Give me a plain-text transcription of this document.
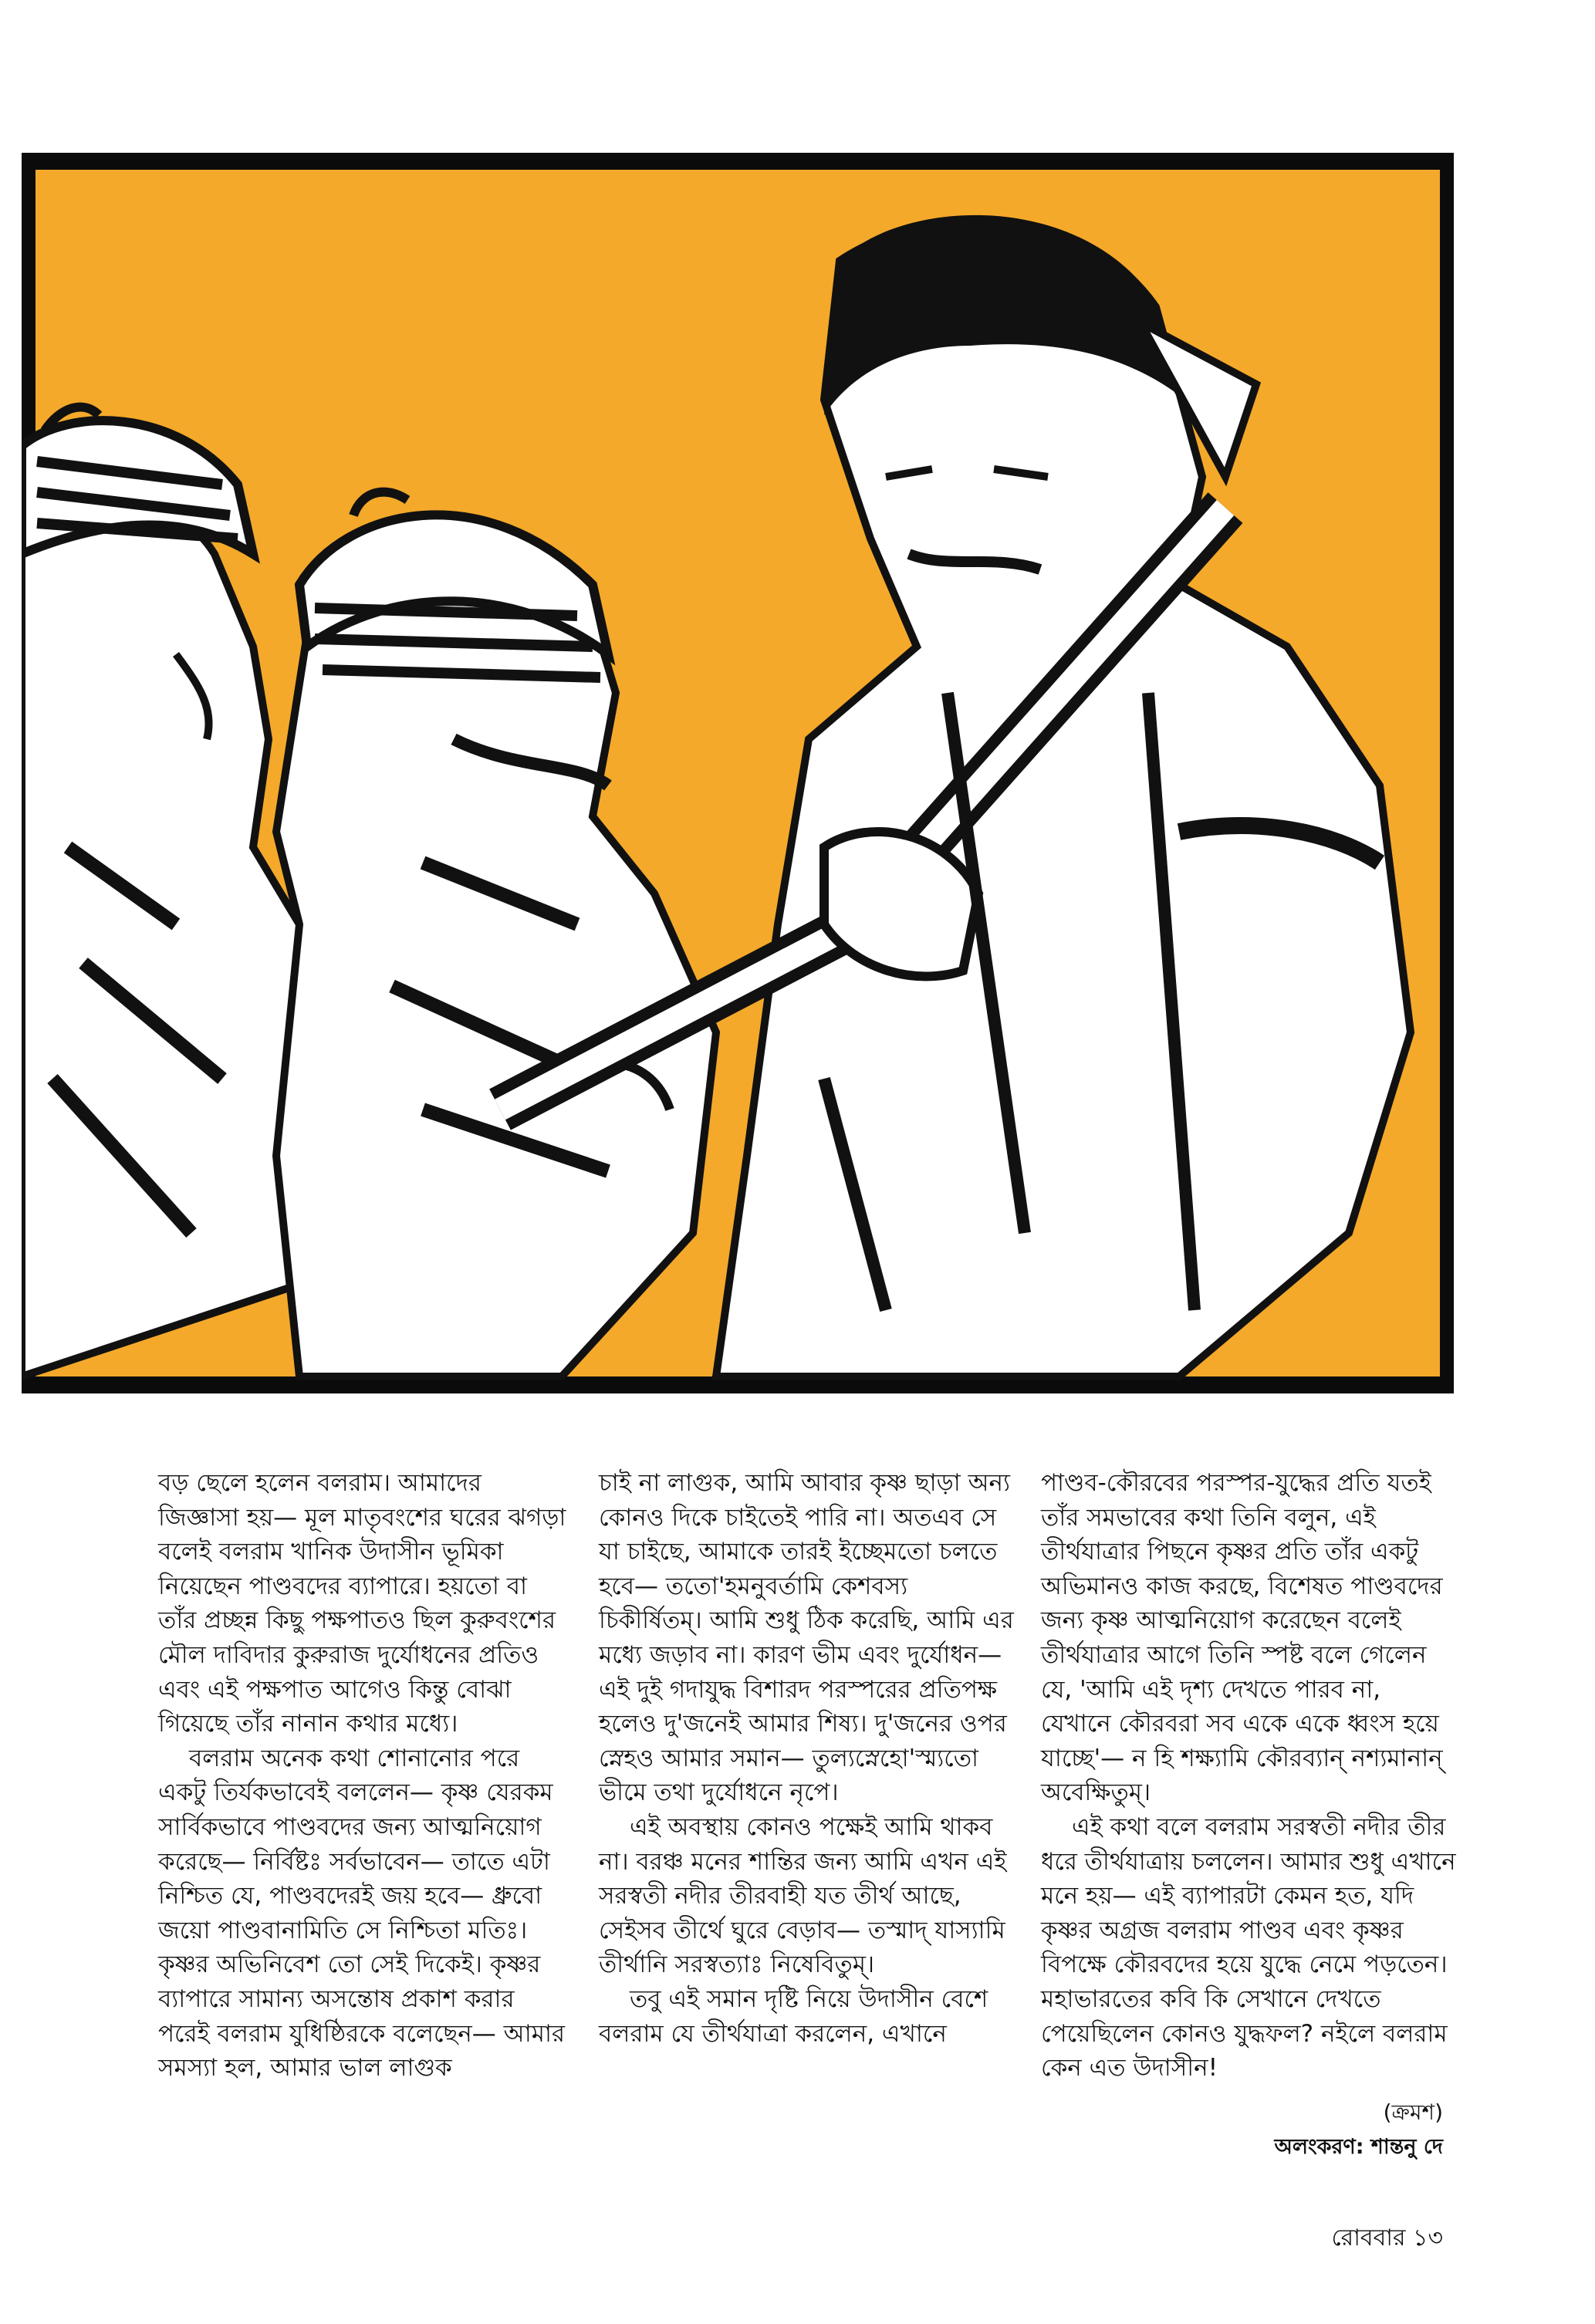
বড় ছেলে হলেন বলরাম। আমাদের জিজ্ঞাসা হয়— মূল মাতৃবংশের ঘরের ঝগড়া বলেই বলরাম খানিক উদাসীন ভূমিকা নিয়েছেন পাণ্ডবদের ব্যাপারে। হয়তো বা তাঁর প্রচ্ছন্ন কিছু পক্ষপাতও ছিল কুরুবংশের মৌল দাবিদার কুরুরাজ দুর্যোধনের প্রতিও এবং এই পক্ষপাত আগেও কিন্তু বোঝা গিয়েছে তাঁর নানান কথার মধ্যে।

বলরাম অনেক কথা শোনানোর পরে একটু তির্যকভাবেই বললেন— কৃষ্ণ যেরকম সার্বিকভাবে পাণ্ডবদের জন্য আত্মনিয়োগ করেছে— নির্বিষ্টঃ সর্বভাবেন— তাতে এটা নিশ্চিত যে, পাণ্ডবদেরই জয় হবে— ধ্রুবো জয়ো পাণ্ডবানামিতি সে নিশ্চিতা মতিঃ। কৃষ্ণর অভিনিবেশ তো সেই দিকেই। কৃষ্ণর ব্যাপারে সামান্য অসন্তোষ প্রকাশ করার পরেই বলরাম যুধিষ্ঠিরকে বলেছেন— আমার সমস্যা হল, আমার ভাল লাগুক

চাই না লাগুক, আমি আবার কৃষ্ণ ছাড়া অন্য কোনও দিকে চাইতেই পারি না। অতএব সে যা চাইছে, আমাকে তারই ইচ্ছেমতো চলতে হবে— ততো'হমনুবর্তামি কেশবস্য চিকীর্ষিতম্। আমি শুধু ঠিক করেছি, আমি এর মধ্যে জড়াব না। কারণ ভীম এবং দুর্যোধন— এই দুই গদাযুদ্ধ বিশারদ পরস্পরের প্রতিপক্ষ হলেও দু'জনেই আমার শিষ্য। দু'জনের ওপর স্নেহও আমার সমান— তুল্যস্নেহো'স্ম্যতো ভীমে তথা দুর্যোধনে নৃপে।

এই অবস্থায় কোনও পক্ষেই আমি থাকব না। বরঞ্চ মনের শান্তির জন্য আমি এখন এই সরস্বতী নদীর তীরবাহী যত তীর্থ আছে, সেইসব তীর্থে ঘুরে বেড়াব— তস্মাদ্ যাস্যামি তীর্থানি সরস্বত্যাঃ নিষেবিতুম্।

তবু এই সমান দৃষ্টি নিয়ে উদাসীন বেশে বলরাম যে তীর্থযাত্রা করলেন, এখানে

পাণ্ডব-কৌরবের পরস্পর-যুদ্ধের প্রতি যতই তাঁর সমভাবের কথা তিনি বলুন, এই তীর্থযাত্রার পিছনে কৃষ্ণর প্রতি তাঁর একটু অভিমানও কাজ করছে, বিশেষত পাণ্ডবদের জন্য কৃষ্ণ আত্মনিয়োগ করেছেন বলেই তীর্থযাত্রার আগে তিনি স্পষ্ট বলে গেলেন যে, 'আমি এই দৃশ্য দেখতে পারব না, যেখানে কৌরবরা সব একে একে ধ্বংস হয়ে যাচ্ছে'— ন হি শক্ষ্যামি কৌরব্যান্ নশ্যমানান্ অবেক্ষিতুম্।

এই কথা বলে বলরাম সরস্বতী নদীর তীর ধরে তীর্থযাত্রায় চললেন। আমার শুধু এখানে মনে হয়— এই ব্যাপারটা কেমন হত, যদি কৃষ্ণর অগ্রজ বলরাম পাণ্ডব এবং কৃষ্ণর বিপক্ষে কৌরবদের হয়ে যুদ্ধে নেমে পড়তেন। মহাভারতের কবি কি সেখানে দেখতে পেয়েছিলেন কোনও যুদ্ধফল? নইলে বলরাম কেন এত উদাসীন!

(ক্রমশ)
অলংকরণ: শান্তনু দে
রোববার ১৩
